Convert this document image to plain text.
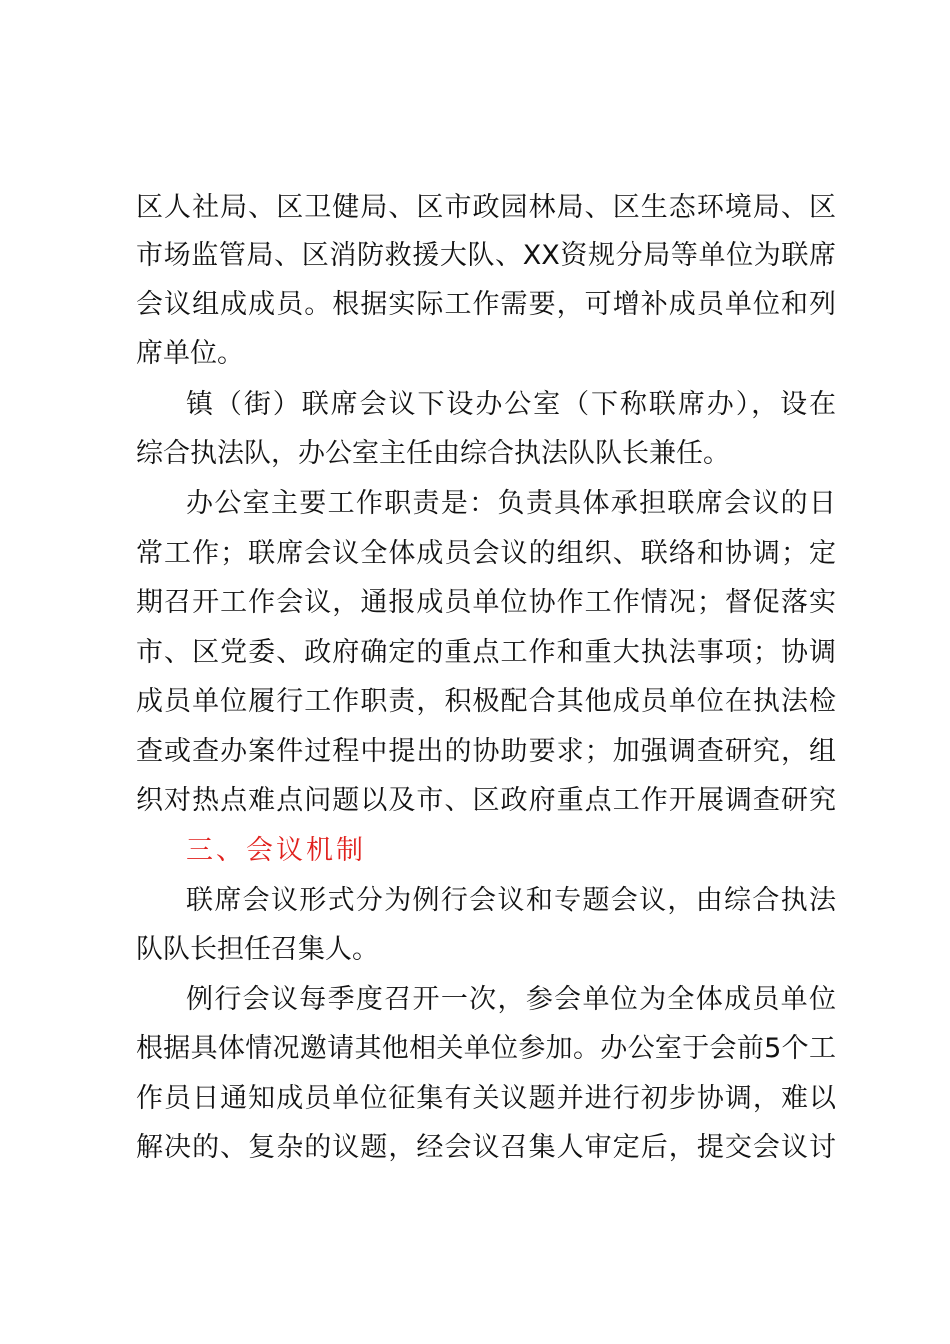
区人社局、区卫健局、区市政园林局、区生态环境局、区
市场监管局、区消防救援大队、XX资规分局等单位为联席
会议组成成员。根据实际工作需要，可增补成员单位和列
席单位。
镇（街）联席会议下设办公室（下称联席办），设在
综合执法队，办公室主任由综合执法队队长兼任。
办公室主要工作职责是：负责具体承担联席会议的日
常工作；联席会议全体成员会议的组织、联络和协调；定
期召开工作会议，通报成员单位协作工作情况；督促落实
市、区党委、政府确定的重点工作和重大执法事项；协调
成员单位履行工作职责，积极配合其他成员单位在执法检
查或查办案件过程中提出的协助要求；加强调查研究，组
织对热点难点问题以及市、区政府重点工作开展调查研究
三、会议机制
联席会议形式分为例行会议和专题会议，由综合执法
队队长担任召集人。
例行会议每季度召开一次，参会单位为全体成员单位
根据具体情况邀请其他相关单位参加。办公室于会前5个工
作员日通知成员单位征集有关议题并进行初步协调，难以
解决的、复杂的议题，经会议召集人审定后，提交会议讨
